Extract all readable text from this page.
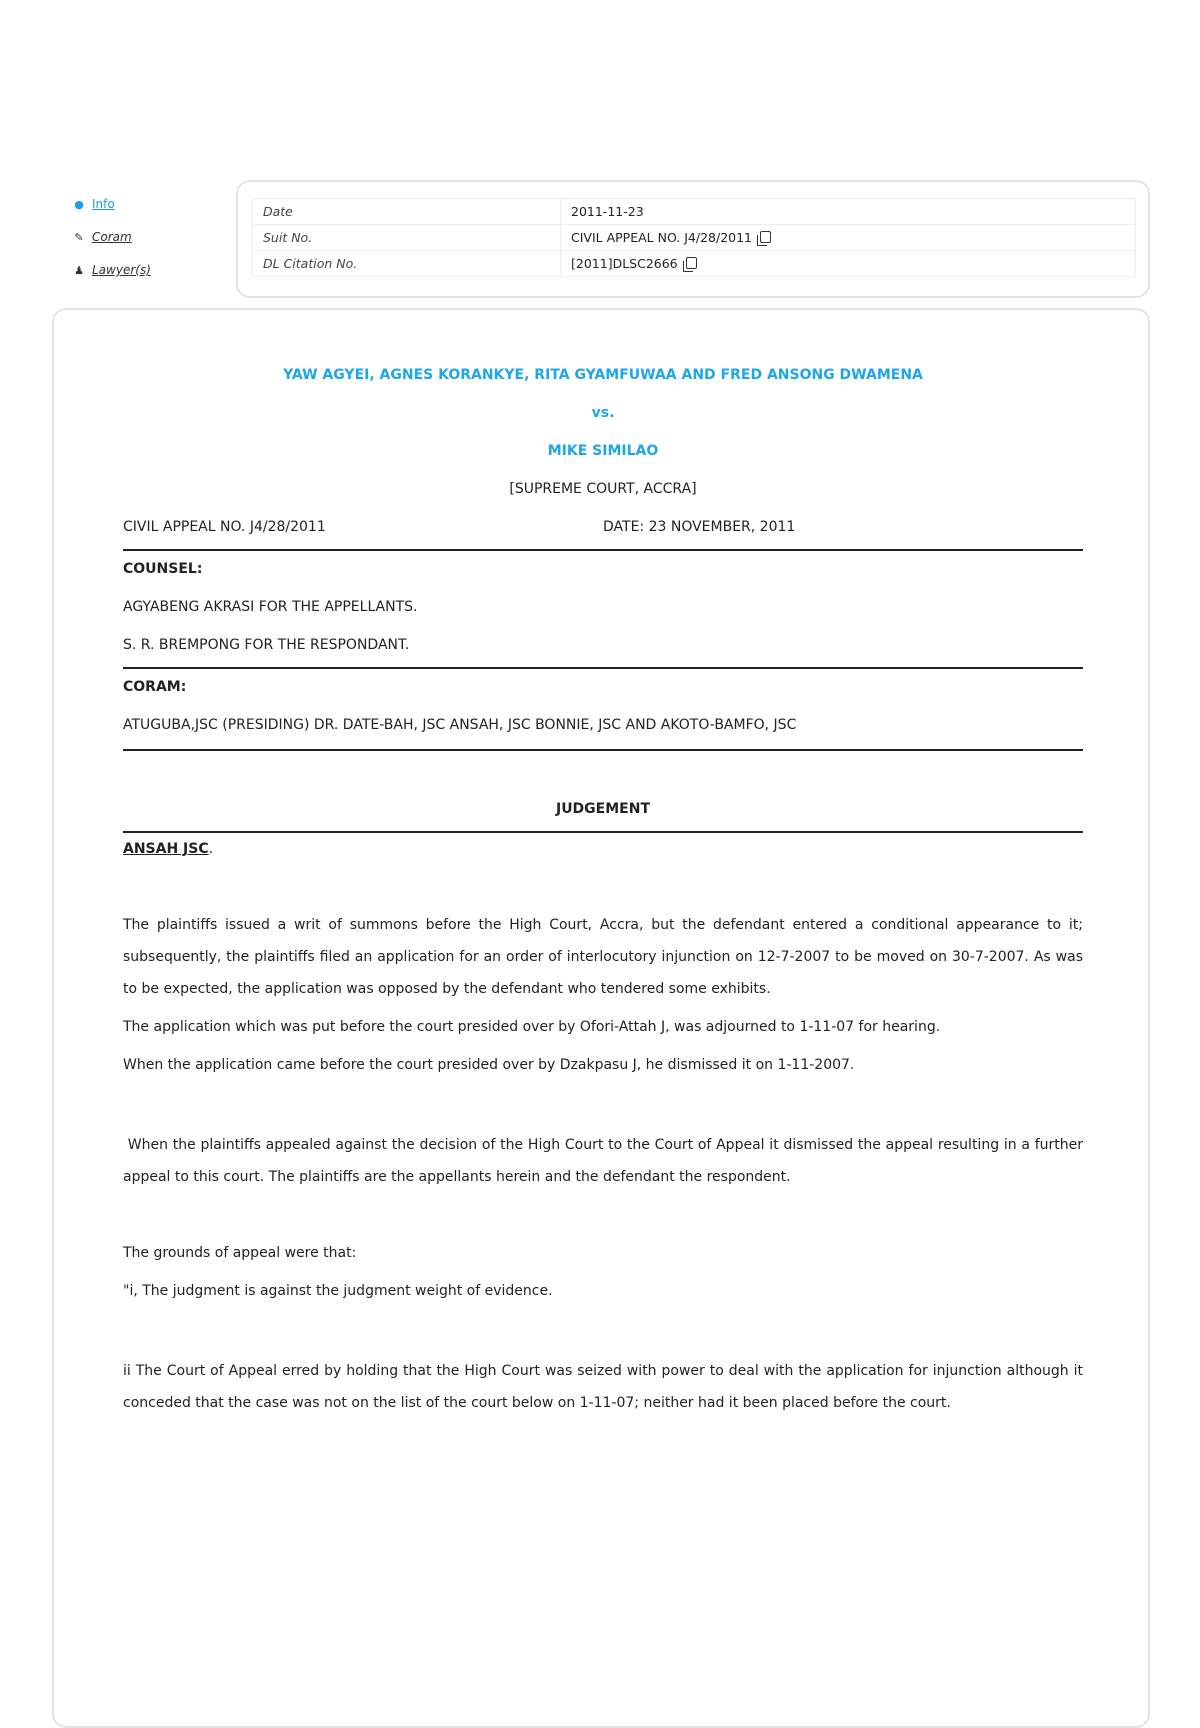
● Info
✎ Coram
♟ Lawyer(s)
Date	2011-11-23
Suit No.	CIVIL APPEAL NO. J4/28/2011
DL Citation No.	[2011]DLSC2666
YAW AGYEI, AGNES KORANKYE, RITA GYAMFUWAA AND FRED ANSONG DWAMENA
vs.
MIKE SIMILAO
[SUPREME COURT, ACCRA]
CIVIL APPEAL NO. J4/28/2011	DATE: 23 NOVEMBER, 2011
COUNSEL:
AGYABENG AKRASI FOR THE APPELLANTS.
S. R. BREMPONG FOR THE RESPONDANT.
CORAM:
ATUGUBA,JSC (PRESIDING) DR. DATE-BAH, JSC ANSAH, JSC BONNIE, JSC AND AKOTO-BAMFO, JSC
JUDGEMENT
ANSAH JSC.

The plaintiffs issued a writ of summons before the High Court, Accra, but the defendant entered a conditional appearance to it; subsequently, the plaintiffs filed an application for an order of interlocutory injunction on 12-7-2007 to be moved on 30-7-2007. As was to be expected, the application was opposed by the defendant who tendered some exhibits.

The application which was put before the court presided over by Ofori-Attah J, was adjourned to 1-11-07 for hearing.

When the application came before the court presided over by Dzakpasu J, he dismissed it on 1-11-2007.

When the plaintiffs appealed against the decision of the High Court to the Court of Appeal it dismissed the appeal resulting in a further appeal to this court. The plaintiffs are the appellants herein and the defendant the respondent.

The grounds of appeal were that:

"i, The judgment is against the judgment weight of evidence.

ii The Court of Appeal erred by holding that the High Court was seized with power to deal with the application for injunction although it conceded that the case was not on the list of the court below on 1-11-07; neither had it been placed before the court.
